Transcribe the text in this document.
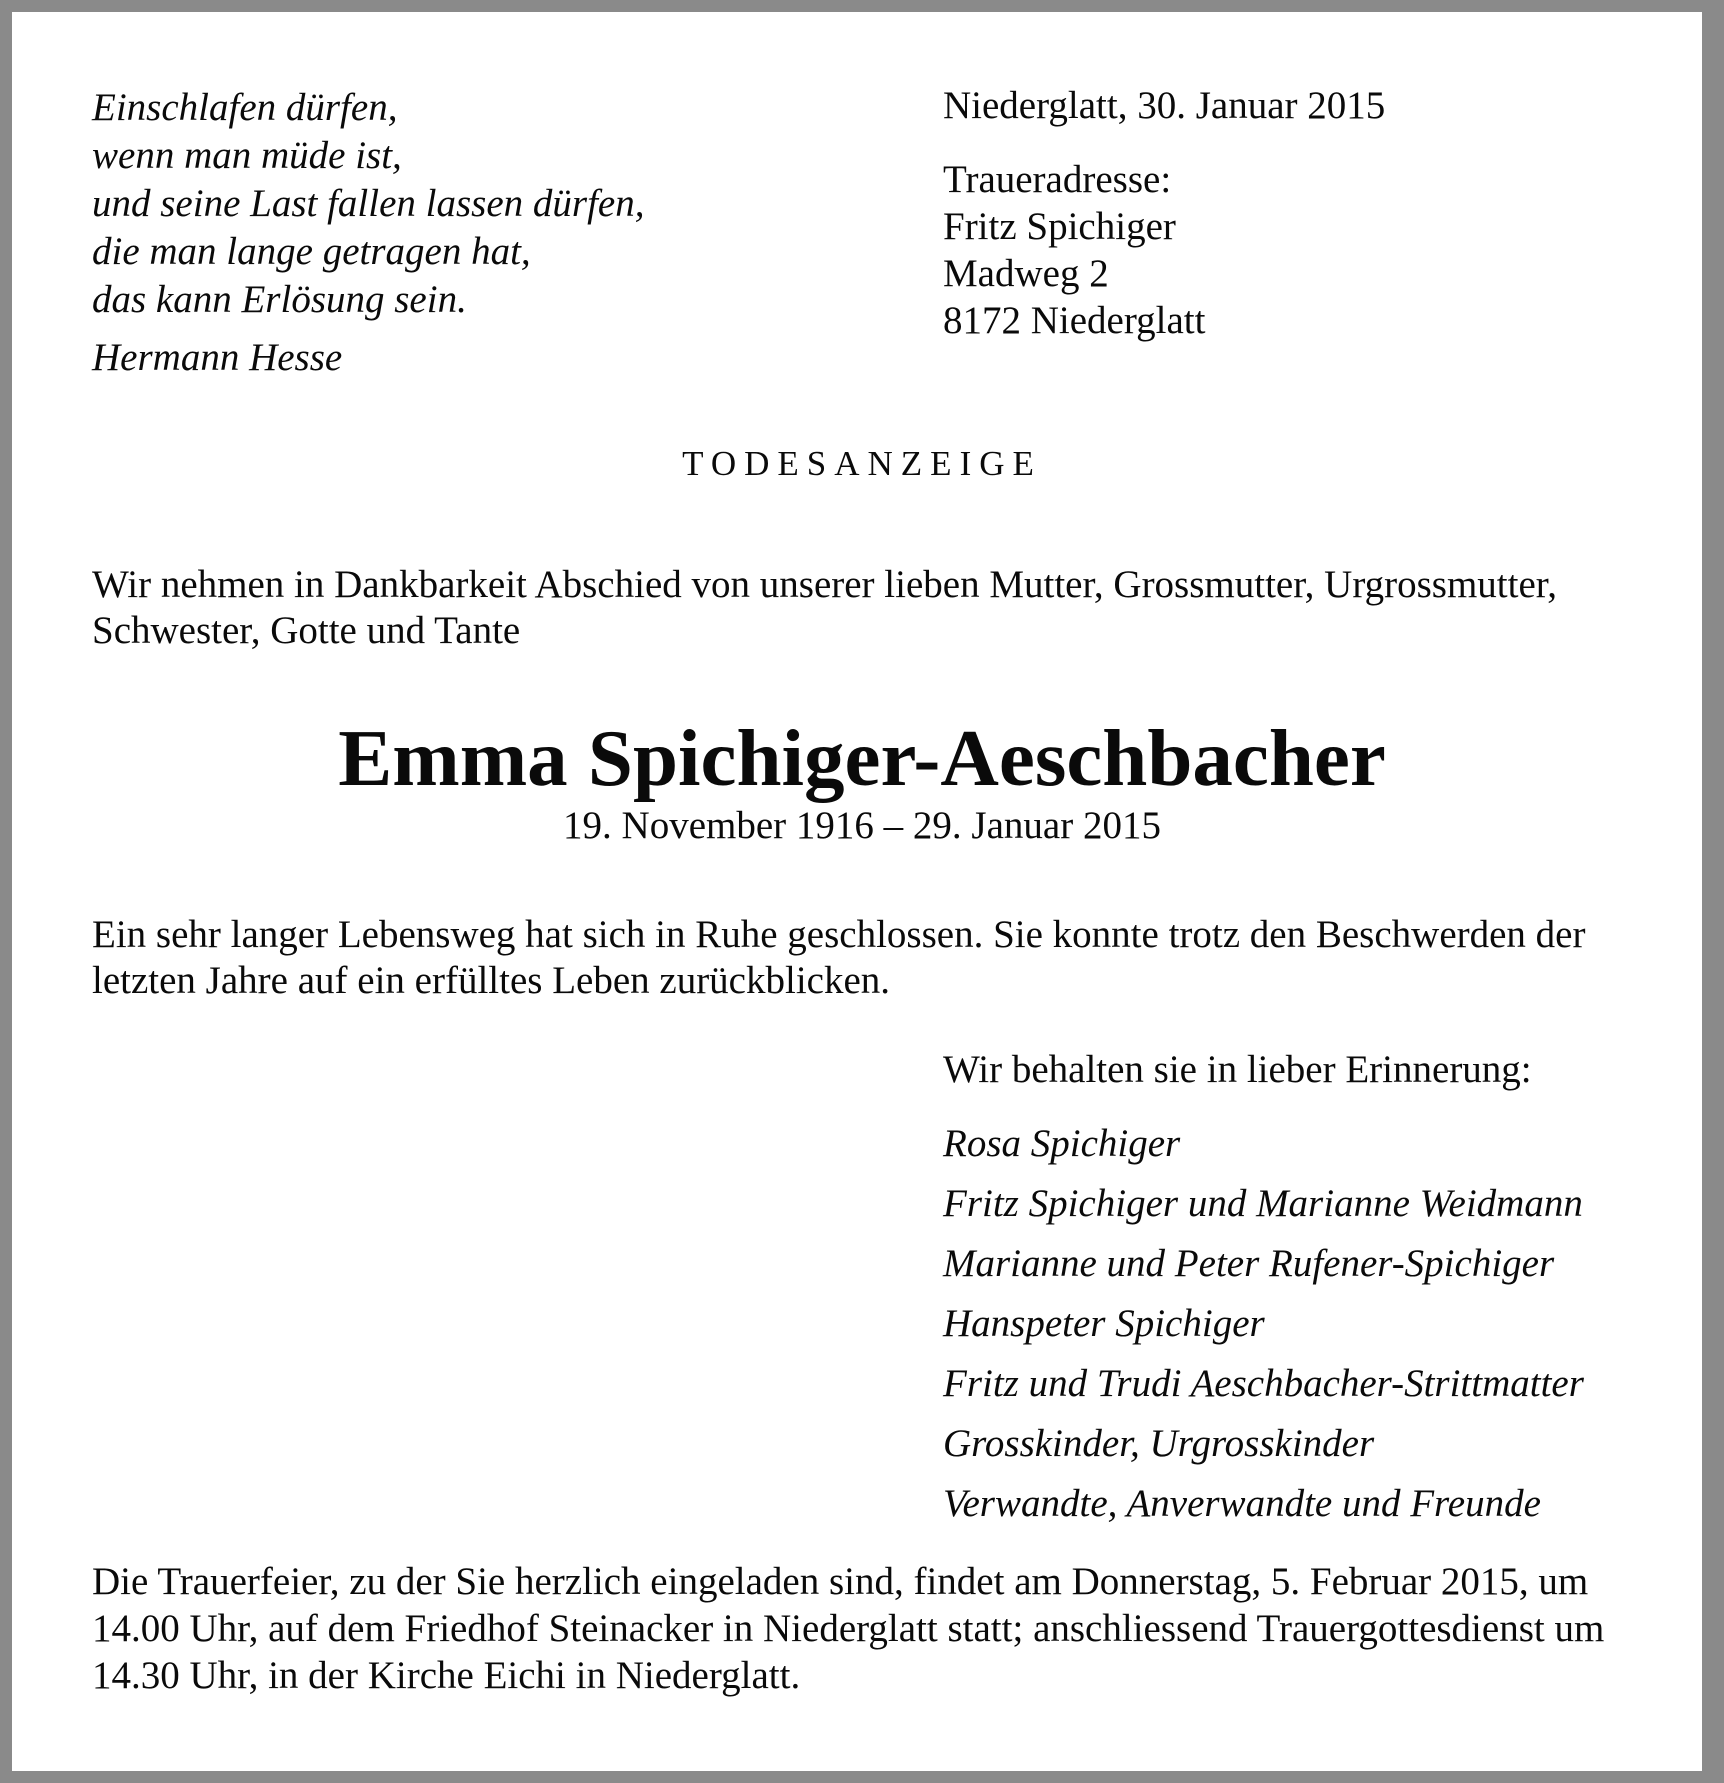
Einschlafen dürfen,
wenn man müde ist,
und seine Last fallen lassen dürfen,
die man lange getragen hat,
das kann Erlösung sein.
Hermann Hesse
Niederglatt, 30. Januar 2015
Traueradresse:
Fritz Spichiger
Madweg 2
8172 Niederglatt
TODESANZEIGE
Wir nehmen in Dankbarkeit Abschied von unserer lieben Mutter, Grossmutter, Urgrossmutter, Schwester, Gotte und Tante
Emma Spichiger-Aeschbacher
19. November 1916 – 29. Januar 2015
Ein sehr langer Lebensweg hat sich in Ruhe geschlossen. Sie konnte trotz den Beschwerden der letzten Jahre auf ein erfülltes Leben zurückblicken.
Wir behalten sie in lieber Erinnerung:
Rosa Spichiger
Fritz Spichiger und Marianne Weidmann
Marianne und Peter Rufener-Spichiger
Hanspeter Spichiger
Fritz und Trudi Aeschbacher-Strittmatter
Grosskinder, Urgrosskinder
Verwandte, Anverwandte und Freunde
Die Trauerfeier, zu der Sie herzlich eingeladen sind, findet am Donnerstag, 5. Februar 2015, um 14.00 Uhr, auf dem Friedhof Steinacker in Niederglatt statt; anschliessend Trauergottesdienst um 14.30 Uhr, in der Kirche Eichi in Niederglatt.
